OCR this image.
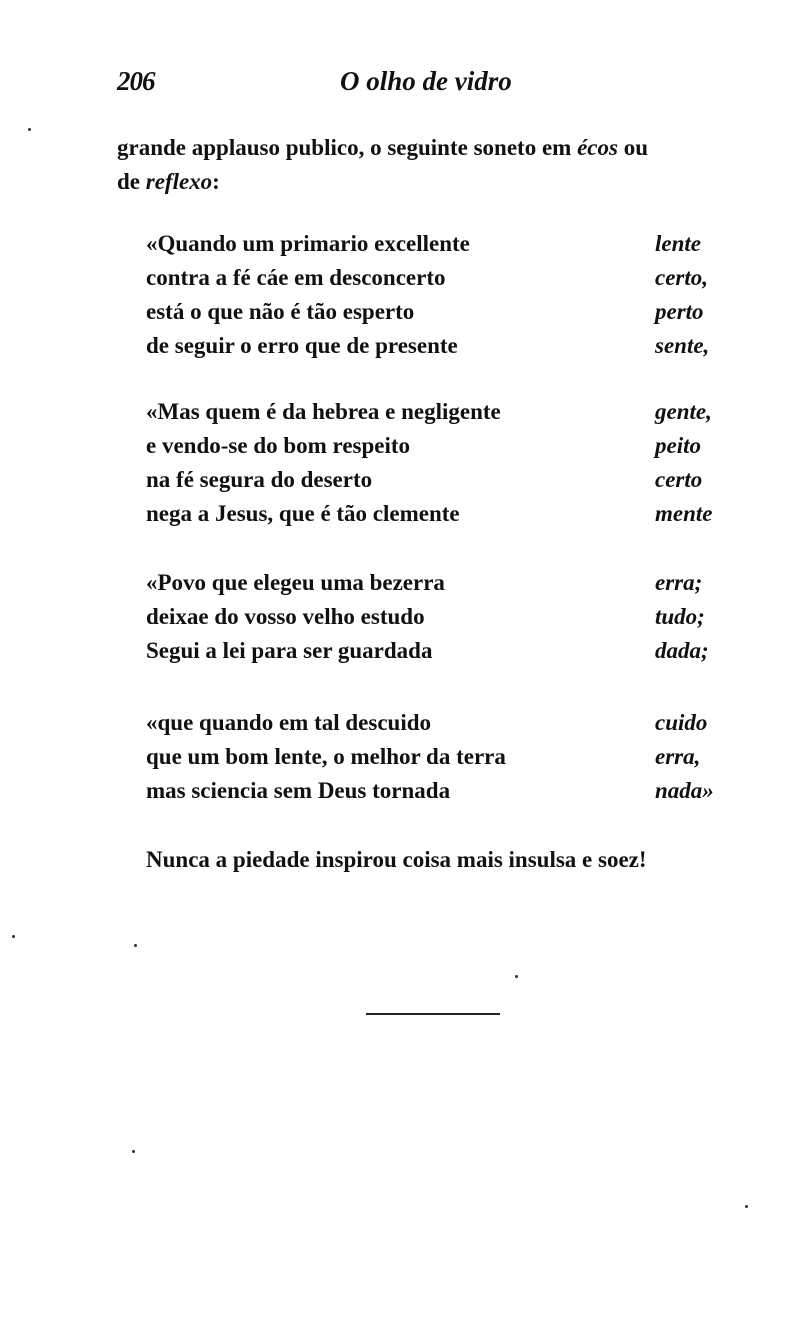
206	O olho de vidro
grande applauso publico, o seguinte soneto em écos ou
de reflexo:
«Quando um primario excellente	lente
contra a fé cáe em desconcerto	certo,
está o que não é tão esperto	perto
de seguir o erro que de presente	sente,
«Mas quem é da hebrea e negligente	gente,
e vendo-se do bom respeito	peito
na fé segura do deserto	certo
nega a Jesus, que é tão clemente	mente
«Povo que elegeu uma bezerra	erra;
deixae do vosso velho estudo	tudo;
Segui a lei para ser guardada	dada;
«que quando em tal descuido	cuido
que um bom lente, o melhor da terra	erra,
mas sciencia sem Deus tornada	nada»
Nunca a piedade inspirou coisa mais insulsa e soez!
